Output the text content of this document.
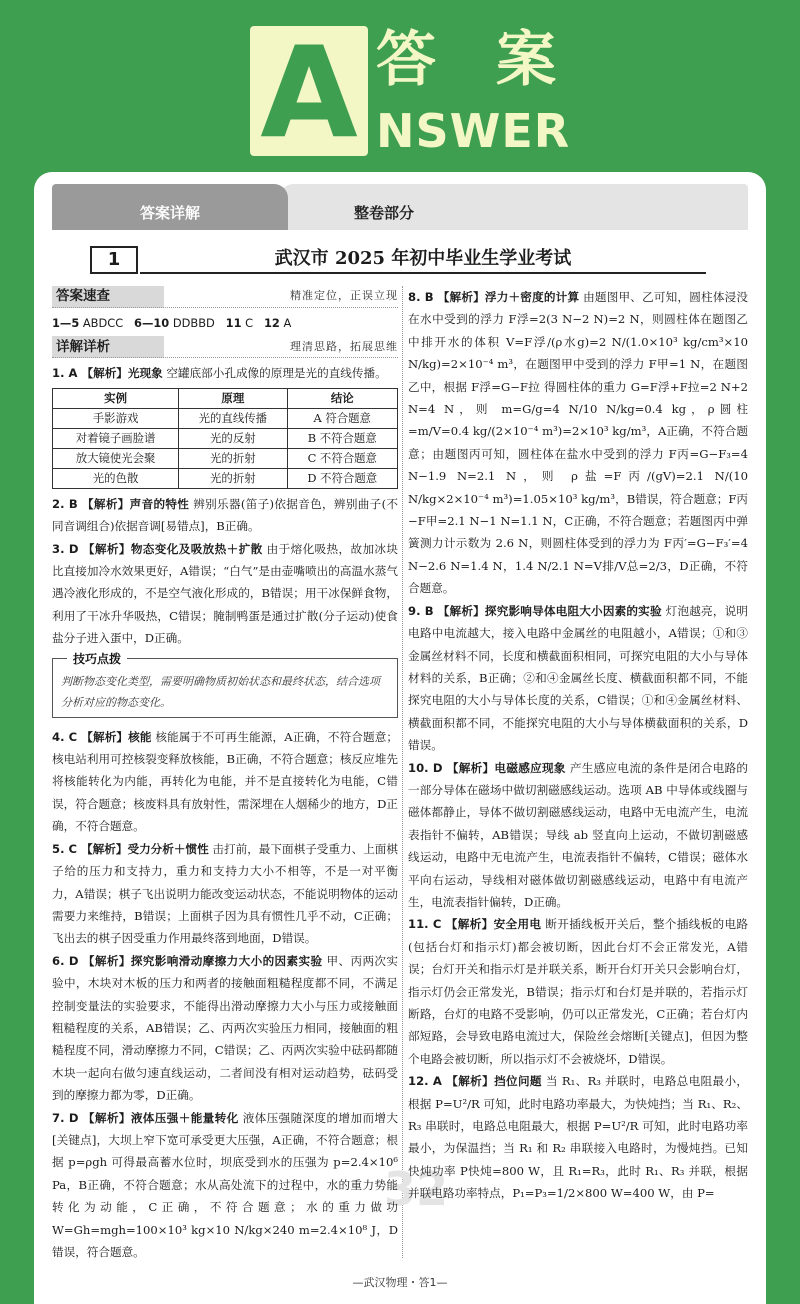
A 答 案
NSWER
整卷部分
答案详解
1	武汉市 2025 年初中毕业生学业考试
32
答案速查	精准定位，正误立现
1—5 ABDCC 6—10 DDBBD 11 C 12 A
详解详析	理清思路，拓展思维
1. A 【解析】光现象 空罐底部小孔成像的原理是光的直线传播。
实例	原理	结论
手影游戏	光的直线传播	A 符合题意
对着镜子画脸谱	光的反射	B 不符合题意
放大镜使光会聚	光的折射	C 不符合题意
光的色散	光的折射	D 不符合题意
2. B 【解析】声音的特性 辨别乐器(笛子)依据音色，辨别曲子(不同音调组合)依据音调[易错点]，B正确。
3. D 【解析】物态变化及吸放热＋扩散 由于熔化吸热，故加冰块比直接加冷水效果更好，A错误；“白气”是由壶嘴喷出的高温水蒸气遇冷液化形成的，不是空气液化形成的，B错误；用干冰保鲜食物，利用了干冰升华吸热，C错误；腌制鸭蛋是通过扩散(分子运动)使食盐分子进入蛋中，D正确。
技巧点拨
判断物态变化类型，需要明确物质初始状态和最终状态，结合选项分析对应的物态变化。
4. C 【解析】核能 核能属于不可再生能源，A正确，不符合题意；核电站利用可控核裂变释放核能，B正确，不符合题意；核反应堆先将核能转化为内能，再转化为电能，并不是直接转化为电能，C错误，符合题意；核废料具有放射性，需深埋在人烟稀少的地方，D正确，不符合题意。
5. C 【解析】受力分析＋惯性 击打前，最下面棋子受重力、上面棋子给的压力和支持力，重力和支持力大小不相等，不是一对平衡力，A错误；棋子飞出说明力能改变运动状态，不能说明物体的运动需要力来维持，B错误；上面棋子因为具有惯性几乎不动，C正确；飞出去的棋子因受重力作用最终落到地面，D错误。
6. D 【解析】探究影响滑动摩擦力大小的因素实验 甲、丙两次实验中，木块对木板的压力和两者的接触面粗糙程度都不同，不满足控制变量法的实验要求，不能得出滑动摩擦力大小与压力或接触面粗糙程度的关系，AB错误；乙、丙两次实验压力相同，接触面的粗糙程度不同，滑动摩擦力不同，C错误；乙、丙两次实验中砝码都随木块一起向右做匀速直线运动，二者间没有相对运动趋势，砝码受到的摩擦力都为零，D正确。
7. D 【解析】液体压强＋能量转化 液体压强随深度的增加而增大[关键点]，大坝上窄下宽可承受更大压强，A正确，不符合题意；根据 p=ρgh 可得最高蓄水位时，坝底受到水的压强为 p=2.4×10⁶ Pa，B正确，不符合题意；水从高处流下的过程中，水的重力势能转化为动能，C正确，不符合题意；水的重力做功 W=Gh=mgh=100×10³ kg×10 N/kg×240 m=2.4×10⁸ J，D错误，符合题意。
8. B 【解析】浮力＋密度的计算 由题图甲、乙可知，圆柱体浸没在水中受到的浮力 F浮=2(3 N−2 N)=2 N，则圆柱体在题图乙中排开水的体积 V=F浮/(ρ水g)=2 N/(1.0×10³ kg/cm³×10 N/kg)=2×10⁻⁴ m³，在题图甲中受到的浮力 F甲=1 N，在题图乙中，根据 F浮=G−F拉 得圆柱体的重力 G=F浮+F拉=2 N+2 N=4 N，则 m=G/g=4 N/10 N/kg=0.4 kg，ρ圆柱=m/V=0.4 kg/(2×10⁻⁴ m³)=2×10³ kg/m³，A正确，不符合题意；由题图丙可知，圆柱体在盐水中受到的浮力 F丙=G−F₃=4 N−1.9 N=2.1 N，则 ρ盐=F丙/(gV)=2.1 N/(10 N/kg×2×10⁻⁴ m³)=1.05×10³ kg/m³，B错误，符合题意；F丙−F甲=2.1 N−1 N=1.1 N，C正确，不符合题意；若题图丙中弹簧测力计示数为 2.6 N，则圆柱体受到的浮力为 F丙′=G−F₃′=4 N−2.6 N=1.4 N，1.4 N/2.1 N=V排/V总=2/3，D正确，不符合题意。
9. B 【解析】探究影响导体电阻大小因素的实验 灯泡越亮，说明电路中电流越大，接入电路中金属丝的电阻越小，A错误；①和③金属丝材料不同，长度和横截面积相同，可探究电阻的大小与导体材料的关系，B正确；②和④金属丝长度、横截面积都不同，不能探究电阻的大小与导体长度的关系，C错误；①和④金属丝材料、横截面积都不同，不能探究电阻的大小与导体横截面积的关系，D错误。
10. D 【解析】电磁感应现象 产生感应电流的条件是闭合电路的一部分导体在磁场中做切割磁感线运动。选项 AB 中导体或线圈与磁体都静止，导体不做切割磁感线运动，电路中无电流产生，电流表指针不偏转，AB错误；导线 ab 竖直向上运动，不做切割磁感线运动，电路中无电流产生，电流表指针不偏转，C错误；磁体水平向右运动，导线相对磁体做切割磁感线运动，电路中有电流产生，电流表指针偏转，D正确。
11. C 【解析】安全用电 断开插线板开关后，整个插线板的电路(包括台灯和指示灯)都会被切断，因此台灯不会正常发光，A错误；台灯开关和指示灯是并联关系，断开台灯开关只会影响台灯，指示灯仍会正常发光，B错误；指示灯和台灯是并联的，若指示灯断路，台灯的电路不受影响，仍可以正常发光，C正确；若台灯内部短路，会导致电路电流过大，保险丝会熔断[关键点]，但因为整个电路会被切断，所以指示灯不会被烧坏，D错误。
12. A 【解析】挡位问题 当 R₁、R₃ 并联时，电路总电阻最小，根据 P=U²/R 可知，此时电路功率最大，为快炖挡；当 R₁、R₂、R₃ 串联时，电路总电阻最大，根据 P=U²/R 可知，此时电路功率最小，为保温挡；当 R₁ 和 R₂ 串联接入电路时，为慢炖挡。已知快炖功率 P快炖=800 W，且 R₁=R₃，此时 R₁、R₃ 并联，根据并联电路功率特点，P₁=P₃=1/2×800 W=400 W，由 P=
—武汉物理・答1—
